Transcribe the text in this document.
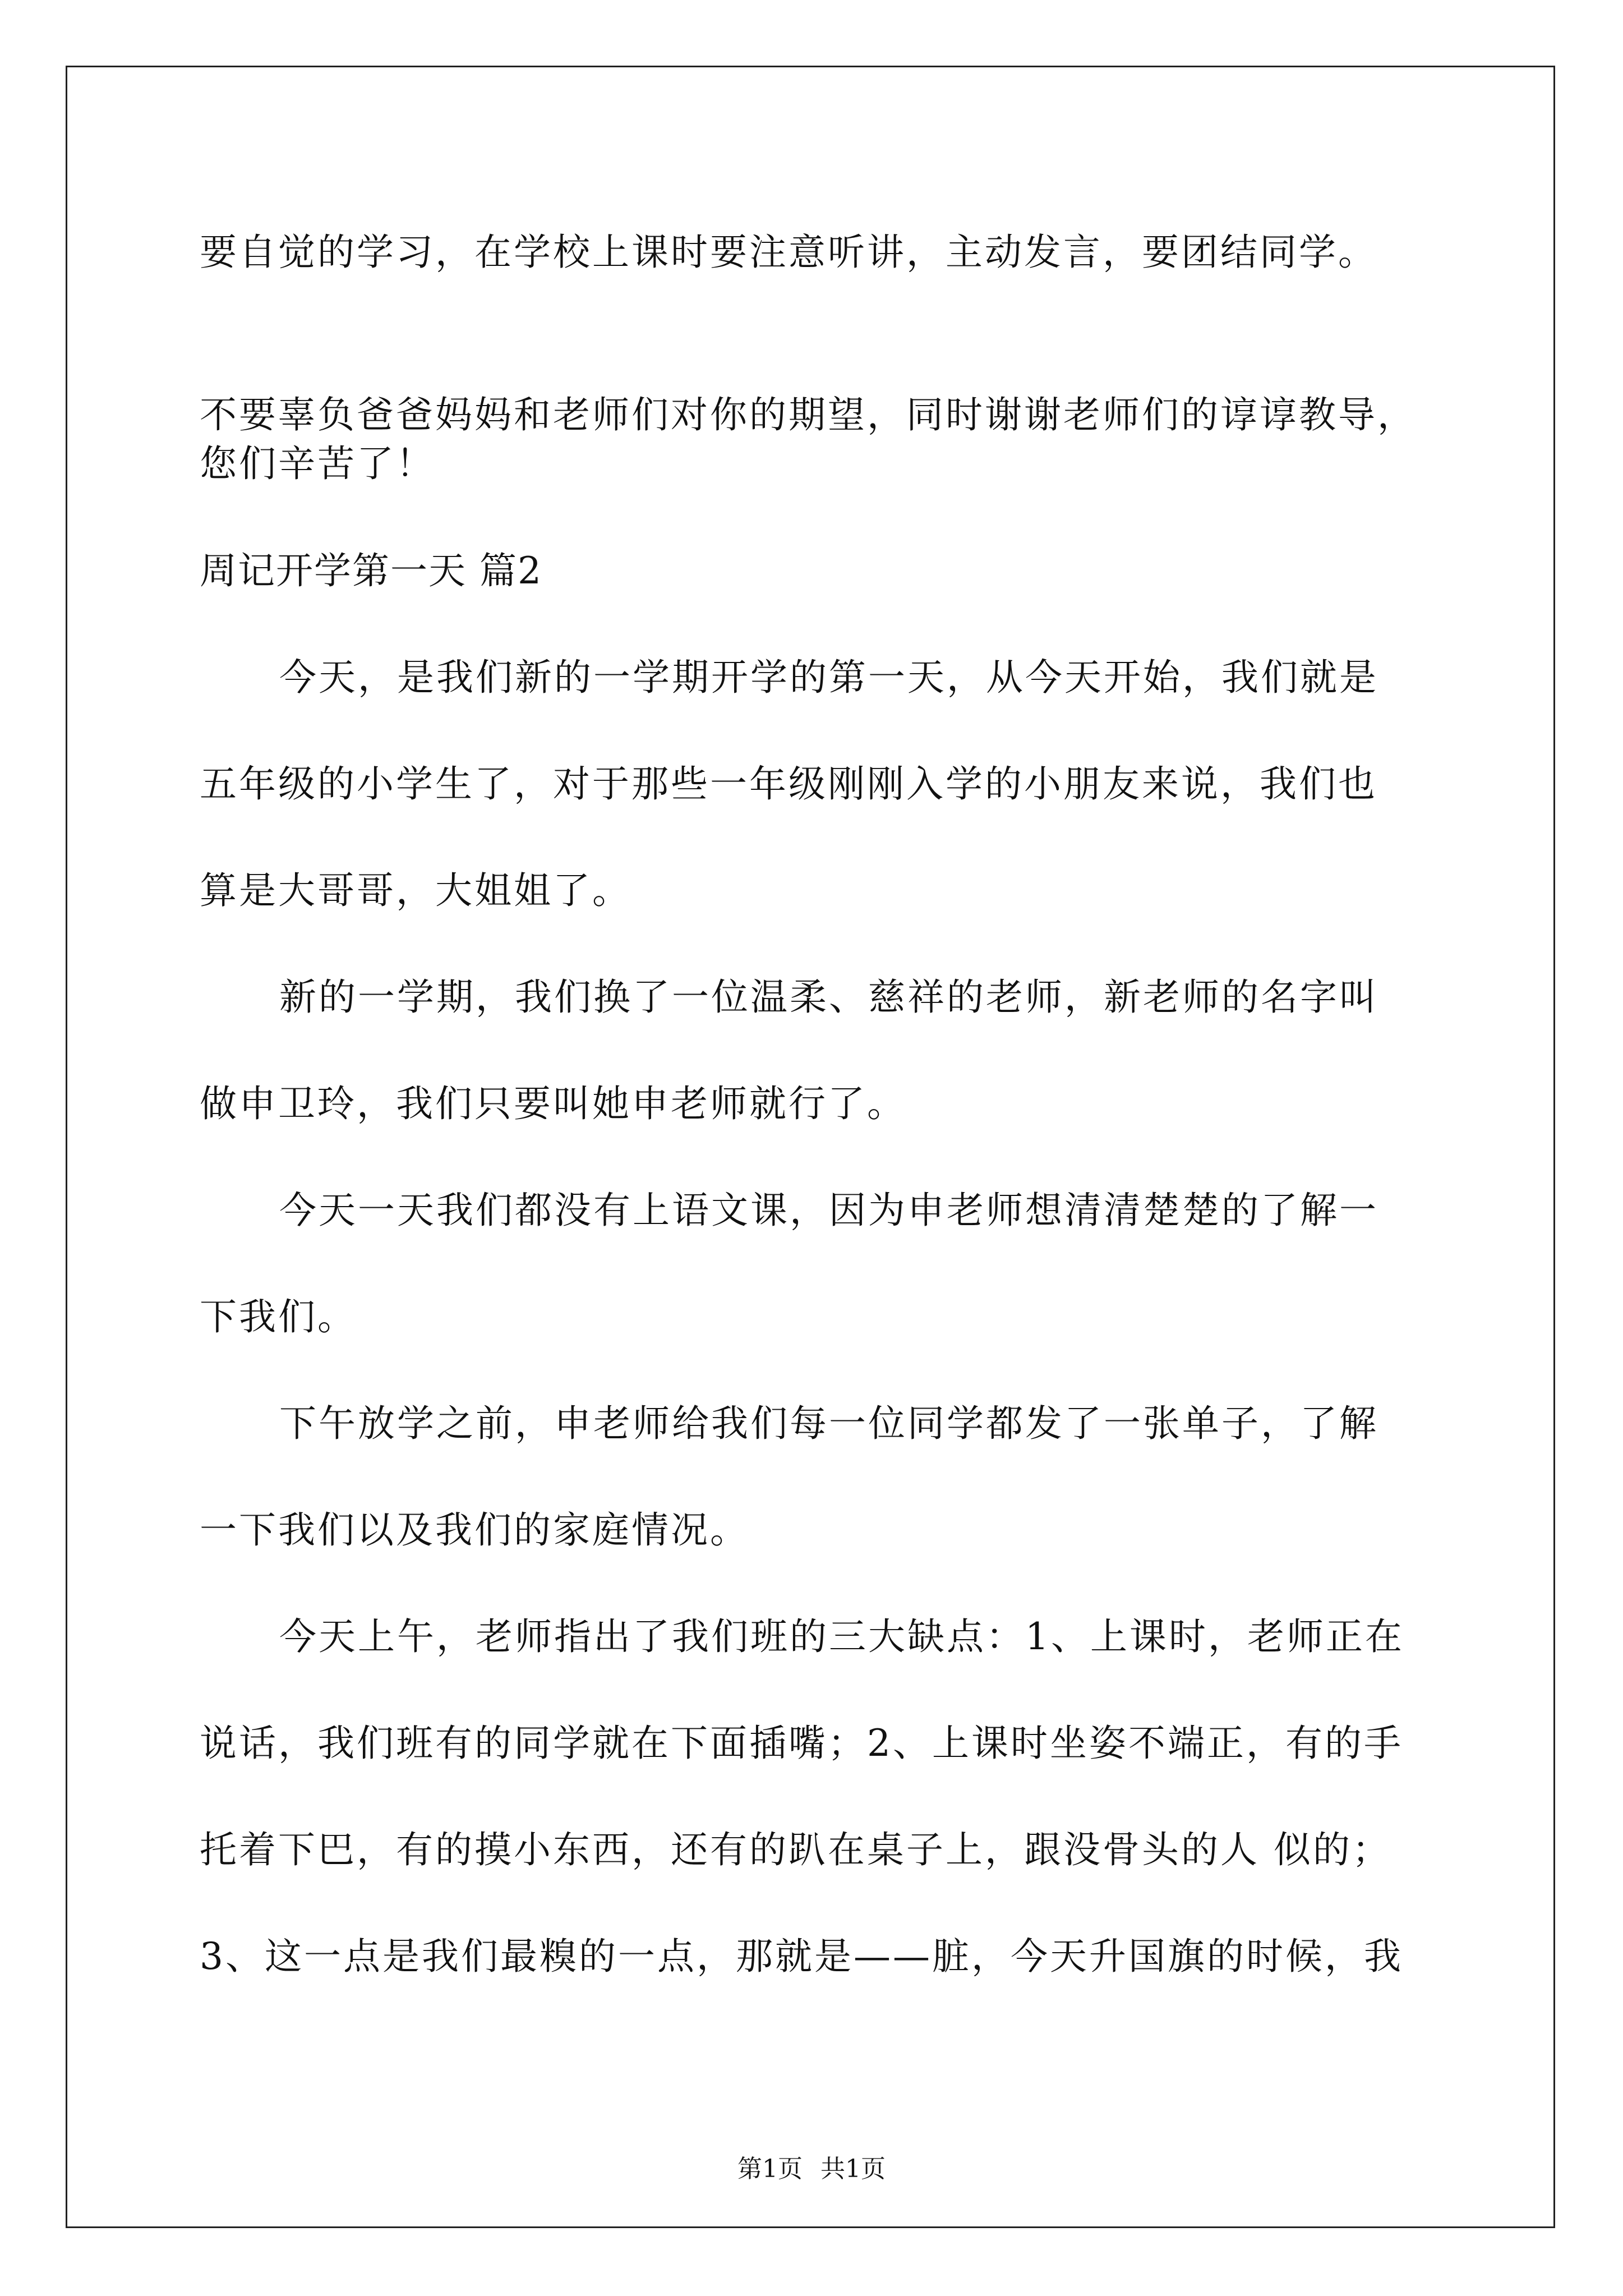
要自觉的学习，在学校上课时要注意听讲，主动发言，要团结同学。
不要辜负爸爸妈妈和老师们对你的期望，同时谢谢老师们的谆谆教导，
您们辛苦了！
周记开学第一天 篇2
今天，是我们新的一学期开学的第一天，从今天开始，我们就是
五年级的小学生了，对于那些一年级刚刚入学的小朋友来说，我们也
算是大哥哥，大姐姐了。
新的一学期，我们换了一位温柔、慈祥的老师，新老师的名字叫
做申卫玲，我们只要叫她申老师就行了。
今天一天我们都没有上语文课，因为申老师想清清楚楚的了解一
下我们。
下午放学之前，申老师给我们每一位同学都发了一张单子，了解
一下我们以及我们的家庭情况。
今天上午，老师指出了我们班的三大缺点：1、上课时，老师正在
说话，我们班有的同学就在下面插嘴；2、上课时坐姿不端正，有的手
托着下巴，有的摸小东西，还有的趴在桌子上，跟没骨头的人 似的；
3、这一点是我们最糗的一点，那就是——脏，今天升国旗的时候，我
第1页 共1页
